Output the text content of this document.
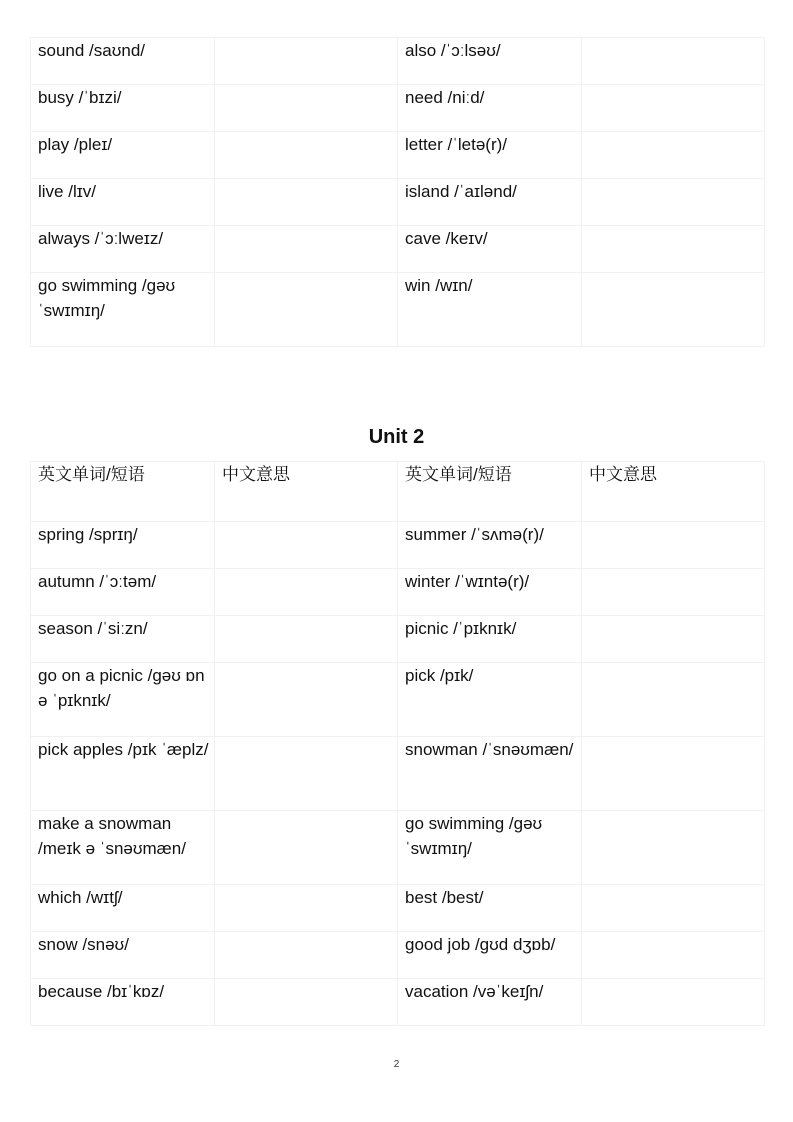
sound /saʊnd/		also /ˈɔːlsəʊ/	
busy /ˈbɪzi/		need /niːd/	
play /pleɪ/		letter /ˈletə(r)/	
live /lɪv/		island /ˈaɪlənd/	
always /ˈɔːlweɪz/		cave /keɪv/	
go swimming /gəʊ ˈswɪmɪŋ/		win /wɪn/	
Unit 2
英文单词/短语	中文意思	英文单词/短语	中文意思
spring /sprɪŋ/		summer /ˈsʌmə(r)/	
autumn /ˈɔːtəm/		winter /ˈwɪntə(r)/	
season /ˈsiːzn/		picnic /ˈpɪknɪk/	
go on a picnic /gəʊ ɒn ə ˈpɪknɪk/		pick /pɪk/	
pick apples /pɪk ˈæplz/		snowman /ˈsnəʊmæn/	
make a snowman /meɪk ə ˈsnəʊmæn/		go swimming /gəʊ ˈswɪmɪŋ/	
which /wɪtʃ/		best /best/	
snow /snəʊ/		good job /gʊd dʒɒb/	
because /bɪˈkɒz/		vacation /vəˈkeɪʃn/	
2
